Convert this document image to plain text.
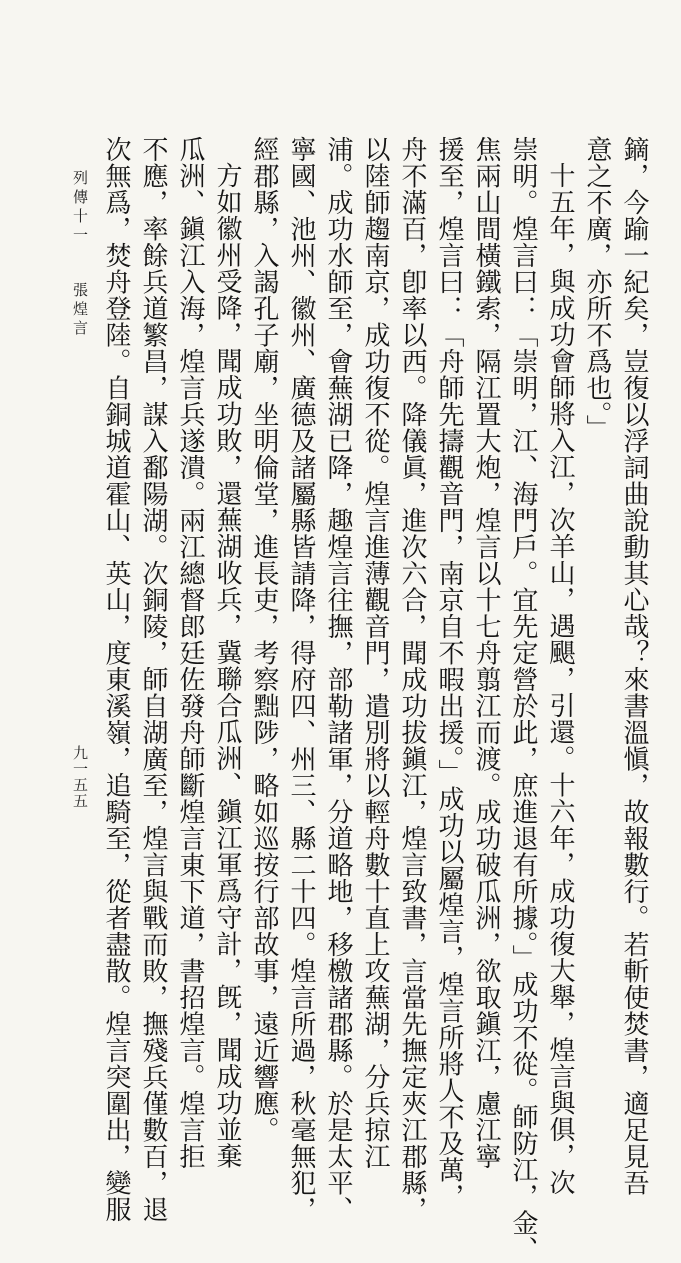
鏑，今踰一紀矣，豈復以浮詞曲說動其心哉？來書溫愼，故報數行。若斬使焚書，適足見吾
意之不廣，亦所不爲也。」
十五年，與成功會師將入江，次羊山，遇颶，引還。十六年，成功復大舉，煌言與俱，次
崇明。煌言曰：「崇明，江、海門戶。宜先定營於此，庶進退有所據。」成功不從。師防江，金、
焦兩山間橫鐵索，隔江置大炮，煌言以十七舟翦江而渡。成功破瓜洲，欲取鎭江，慮江寧
援至，煌言曰：「舟師先擣觀音門，南京自不暇出援。」成功以屬煌言，煌言所將人不及萬，
舟不滿百，卽率以西。降儀眞，進次六合，聞成功拔鎭江，煌言致書，言當先撫定夾江郡縣，
以陸師趨南京，成功復不從。煌言進薄觀音門，遣別將以輕舟數十直上攻蕪湖，分兵掠江
浦。成功水師至，會蕪湖已降，趣煌言往撫，部勒諸軍，分道略地，移檄諸郡縣。於是太平、
寧國、池州、徽州、廣德及諸屬縣皆請降，得府四、州三、縣二十四。煌言所過，秋毫無犯，
經郡縣，入謁孔子廟，坐明倫堂，進長吏，考察黜陟，略如巡按行部故事，遠近響應。
方如徽州受降，聞成功敗，還蕪湖收兵，冀聯合瓜洲、鎭江軍爲守計，旣，聞成功並棄
瓜洲、鎭江入海，煌言兵遂潰。兩江總督郎廷佐發舟師斷煌言東下道，書招煌言。煌言拒
不應，率餘兵道繁昌，謀入鄱陽湖。次銅陵，師自湖廣至，煌言與戰而敗，撫殘兵僅數百，退
次無爲，焚舟登陸。自銅城道霍山、英山，度東溪嶺，追騎至，從者盡散。煌言突圍出，變服
列傳十一
張煌言
九一五五
